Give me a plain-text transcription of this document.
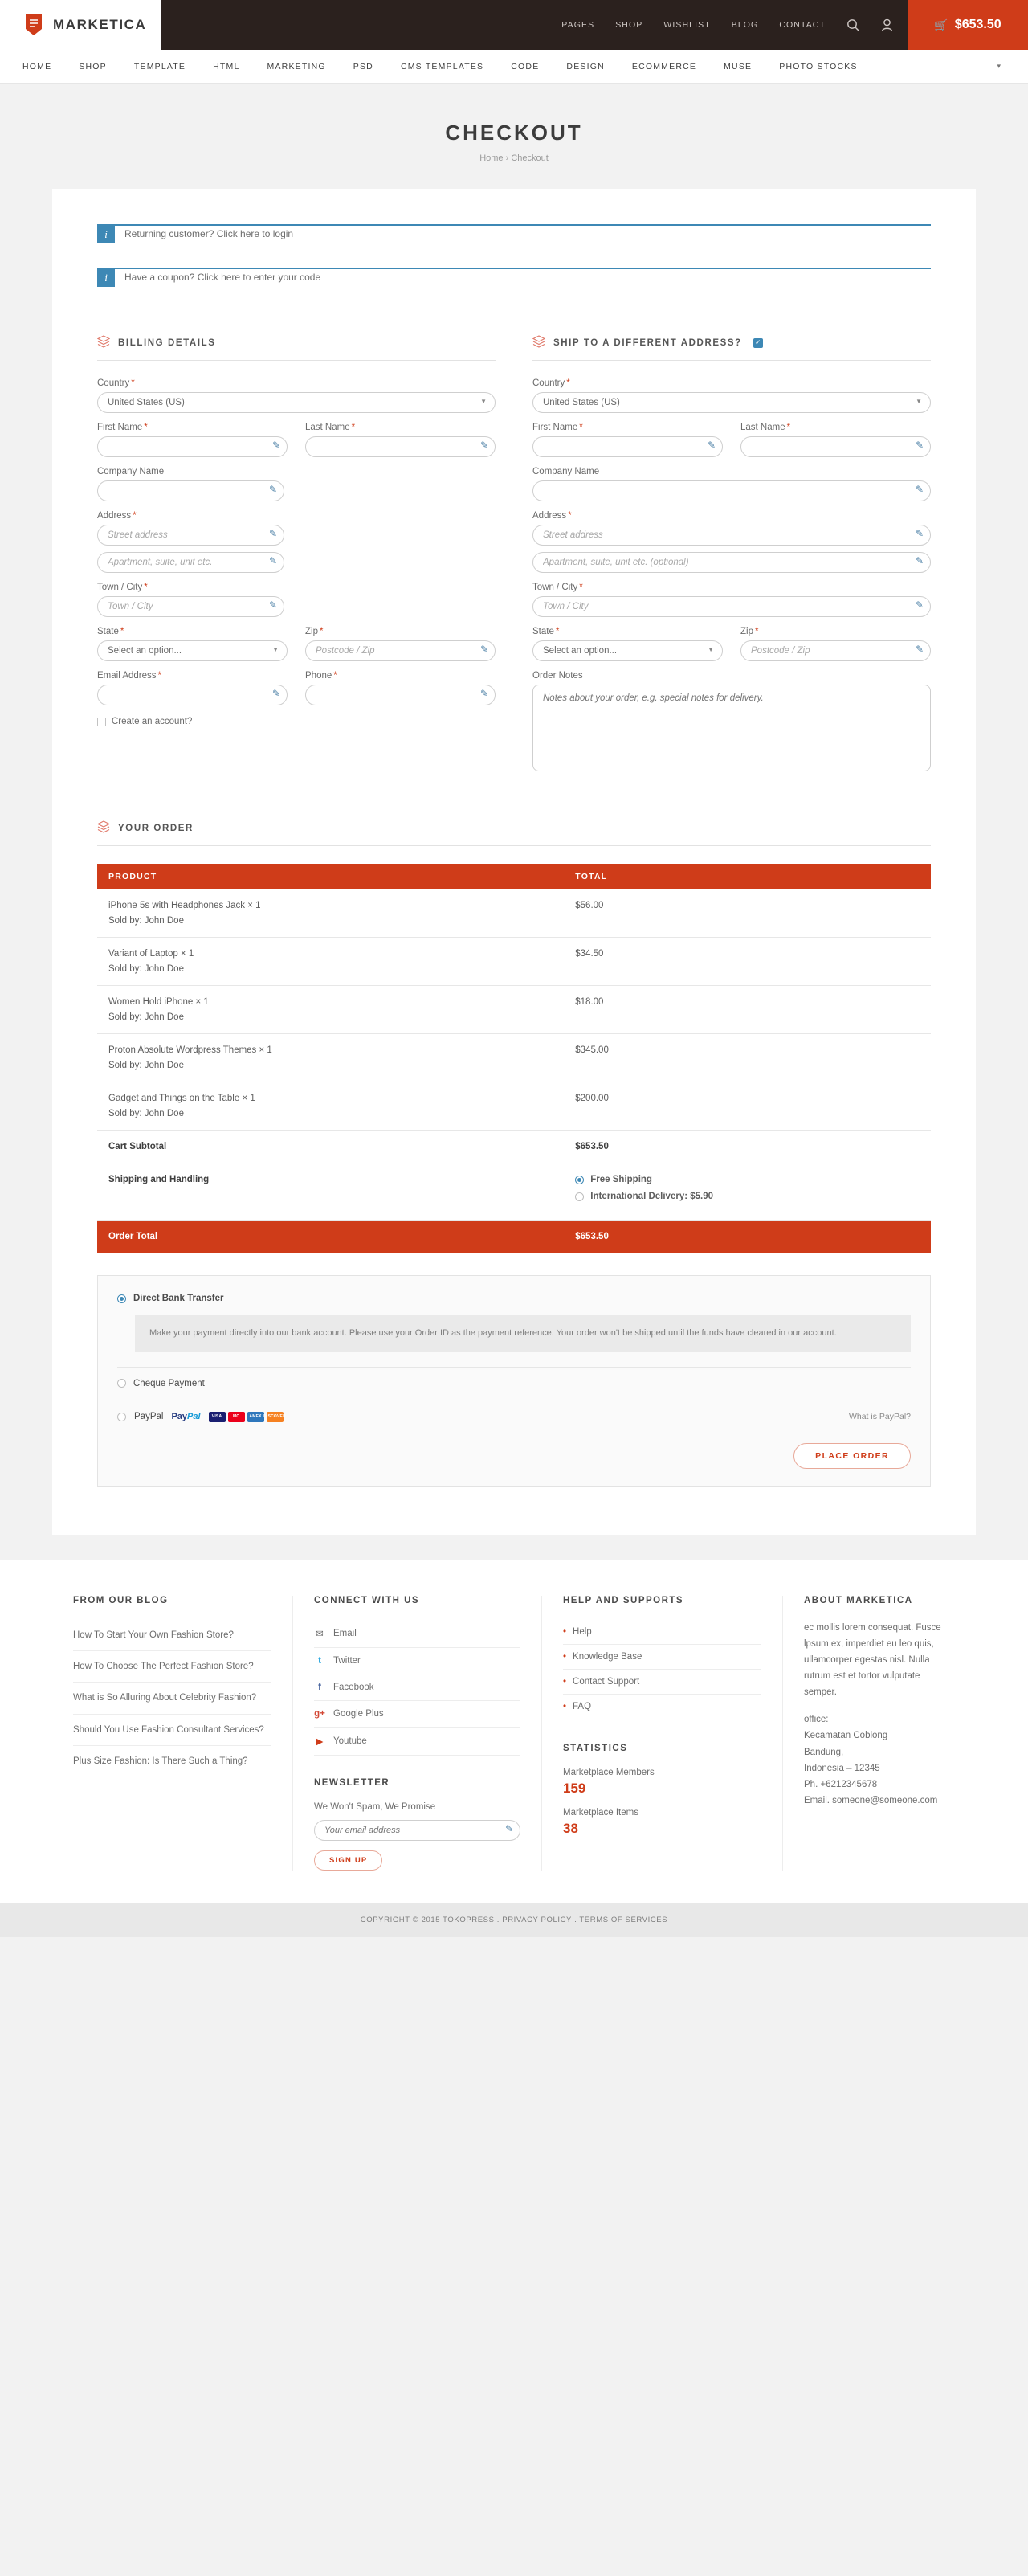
MARKETICA	PAGES SHOP WISHLIST BLOG CONTACT	🛒 $653.50
HOME	SHOP	TEMPLATE	HTML	MARKETING	PSD	CMS TEMPLATES	CODE	DESIGN	ECOMMERCE	MUSE	PHOTO STOCKS	▾
CHECKOUT
Home › Checkout
i	Returning customer? Click here to login
i	Have a coupon? Click here to enter your code
BILLING DETAILS
Country *
United States (US)
▼
First Name *
✎
Last Name *
✎
Company Name
✎
Address *
Street address
✎
Apartment, suite, unit etc.
✎
Town / City *
Town / City
✎
State *
Select an option...
▼
Zip *
Postcode / Zip
✎
Email Address *
✎
Phone *
✎
Create an account?
SHIP TO A DIFFERENT ADDRESS? ✓
Country *
United States (US)
▼
First Name *
✎
Last Name *
✎
Company Name
✎
Address *
Street address
✎
Apartment, suite, unit etc. (optional)
✎
Town / City *
Town / City
✎
State *
Select an option...
▼
Zip *
Postcode / Zip
✎
Order Notes
Notes about your order, e.g. special notes for delivery.
YOUR ORDER
PRODUCT	TOTAL

iPhone 5s with Headphones Jack × 1
Sold by: John Doe	$56.00

Variant of Laptop × 1
Sold by: John Doe	$34.50

Women Hold iPhone × 1
Sold by: John Doe	$18.00

Proton Absolute Wordpress Themes × 1
Sold by: John Doe	$345.00

Gadget and Things on the Table × 1
Sold by: John Doe	$200.00
Cart Subtotal	$653.50
Shipping and Handling	Free Shipping
International Delivery: $5.90

Order Total	$653.50
Direct Bank Transfer
Make your payment directly into our bank account. Please use your Order ID as the payment reference. Your order won't be shipped until the funds have cleared in our account.
Cheque Payment
PayPal PayPal	VISA	MC	AMEX DISCOVER	What is PayPal?
PLACE ORDER
FROM OUR BLOG
How To Start Your Own Fashion Store?
How To Choose The Perfect Fashion Store?
What is So Alluring About Celebrity Fashion?
Should You Use Fashion Consultant Services?
Plus Size Fashion: Is There Such a Thing?
CONNECT WITH US
✉ Email
t	Twitter
f	Facebook
g+ Google Plus
▶ Youtube
NEWSLETTER
We Won't Spam, We Promise
Your email address
✎
SIGN UP
HELP AND SUPPORTS
• Help
• Knowledge Base
• Contact Support
• FAQ
STATISTICS
Marketplace Members
159
Marketplace Items
38
ABOUT MARKETICA
ec mollis lorem consequat. Fusce lpsum ex, imperdiet eu leo quis, ullamcorper egestas nisl. Nulla rutrum est et tortor vulputate semper.
office:
Kecamatan Coblong
Bandung,
Indonesia – 12345
Ph. +6212345678
Email. someone@someone.com
COPYRIGHT © 2015 TOKOPRESS . PRIVACY POLICY . TERMS OF SERVICES
